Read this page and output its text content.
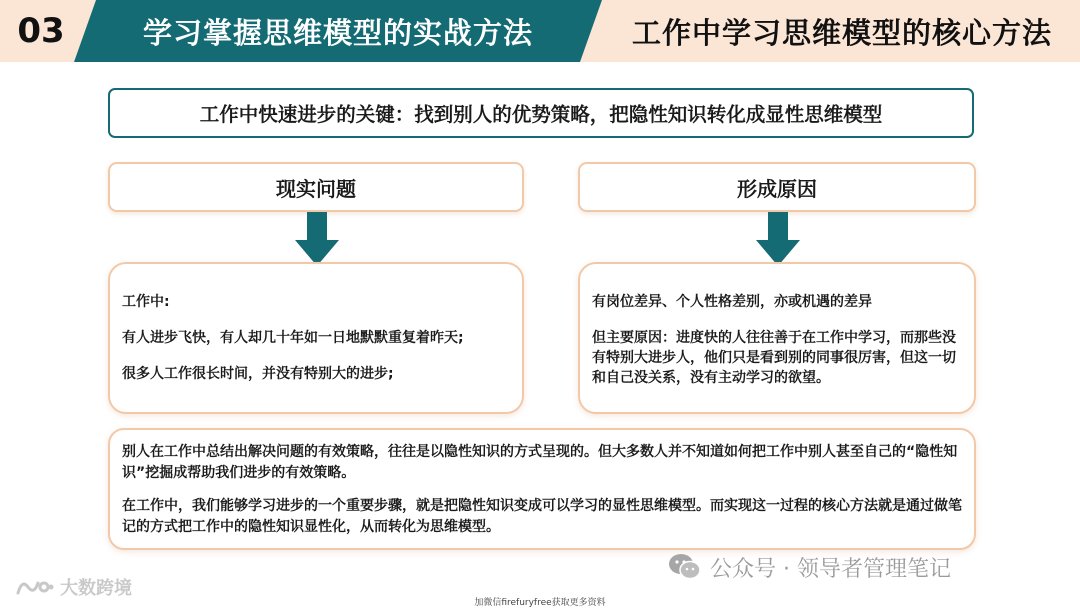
03	学习掌握思维模型的实战方法	工作中学习思维模型的核心方法
工作中快速进步的关键：找到别人的优势策略，把隐性知识转化成显性思维模型
现实问题	形成原因

工作中:

有人进步飞快，有人却几十年如一日地默默重复着昨天;

很多人工作很长时间，并没有特别大的进步;

有岗位差异、个人性格差别，亦或机遇的差异

但主要原因：进度快的人往往善于在工作中学习，而那些没有特别大进步人，他们只是看到别的同事很厉害，但这一切和自己没关系，没有主动学习的欲望。

别人在工作中总结出解决问题的有效策略，往往是以隐性知识的方式呈现的。但大多数人并不知道如何把工作中别人甚至自己的“隐性知识”挖掘成帮助我们进步的有效策略。

在工作中，我们能够学习进步的一个重要步骤，就是把隐性知识变成可以学习的显性思维模型。而实现这一过程的核心方法就是通过做笔记的方式把工作中的隐性知识显性化，从而转化为思维模型。

公众号 · 领导者管理笔记
大数跨境
加微信firefuryfree获取更多资料
